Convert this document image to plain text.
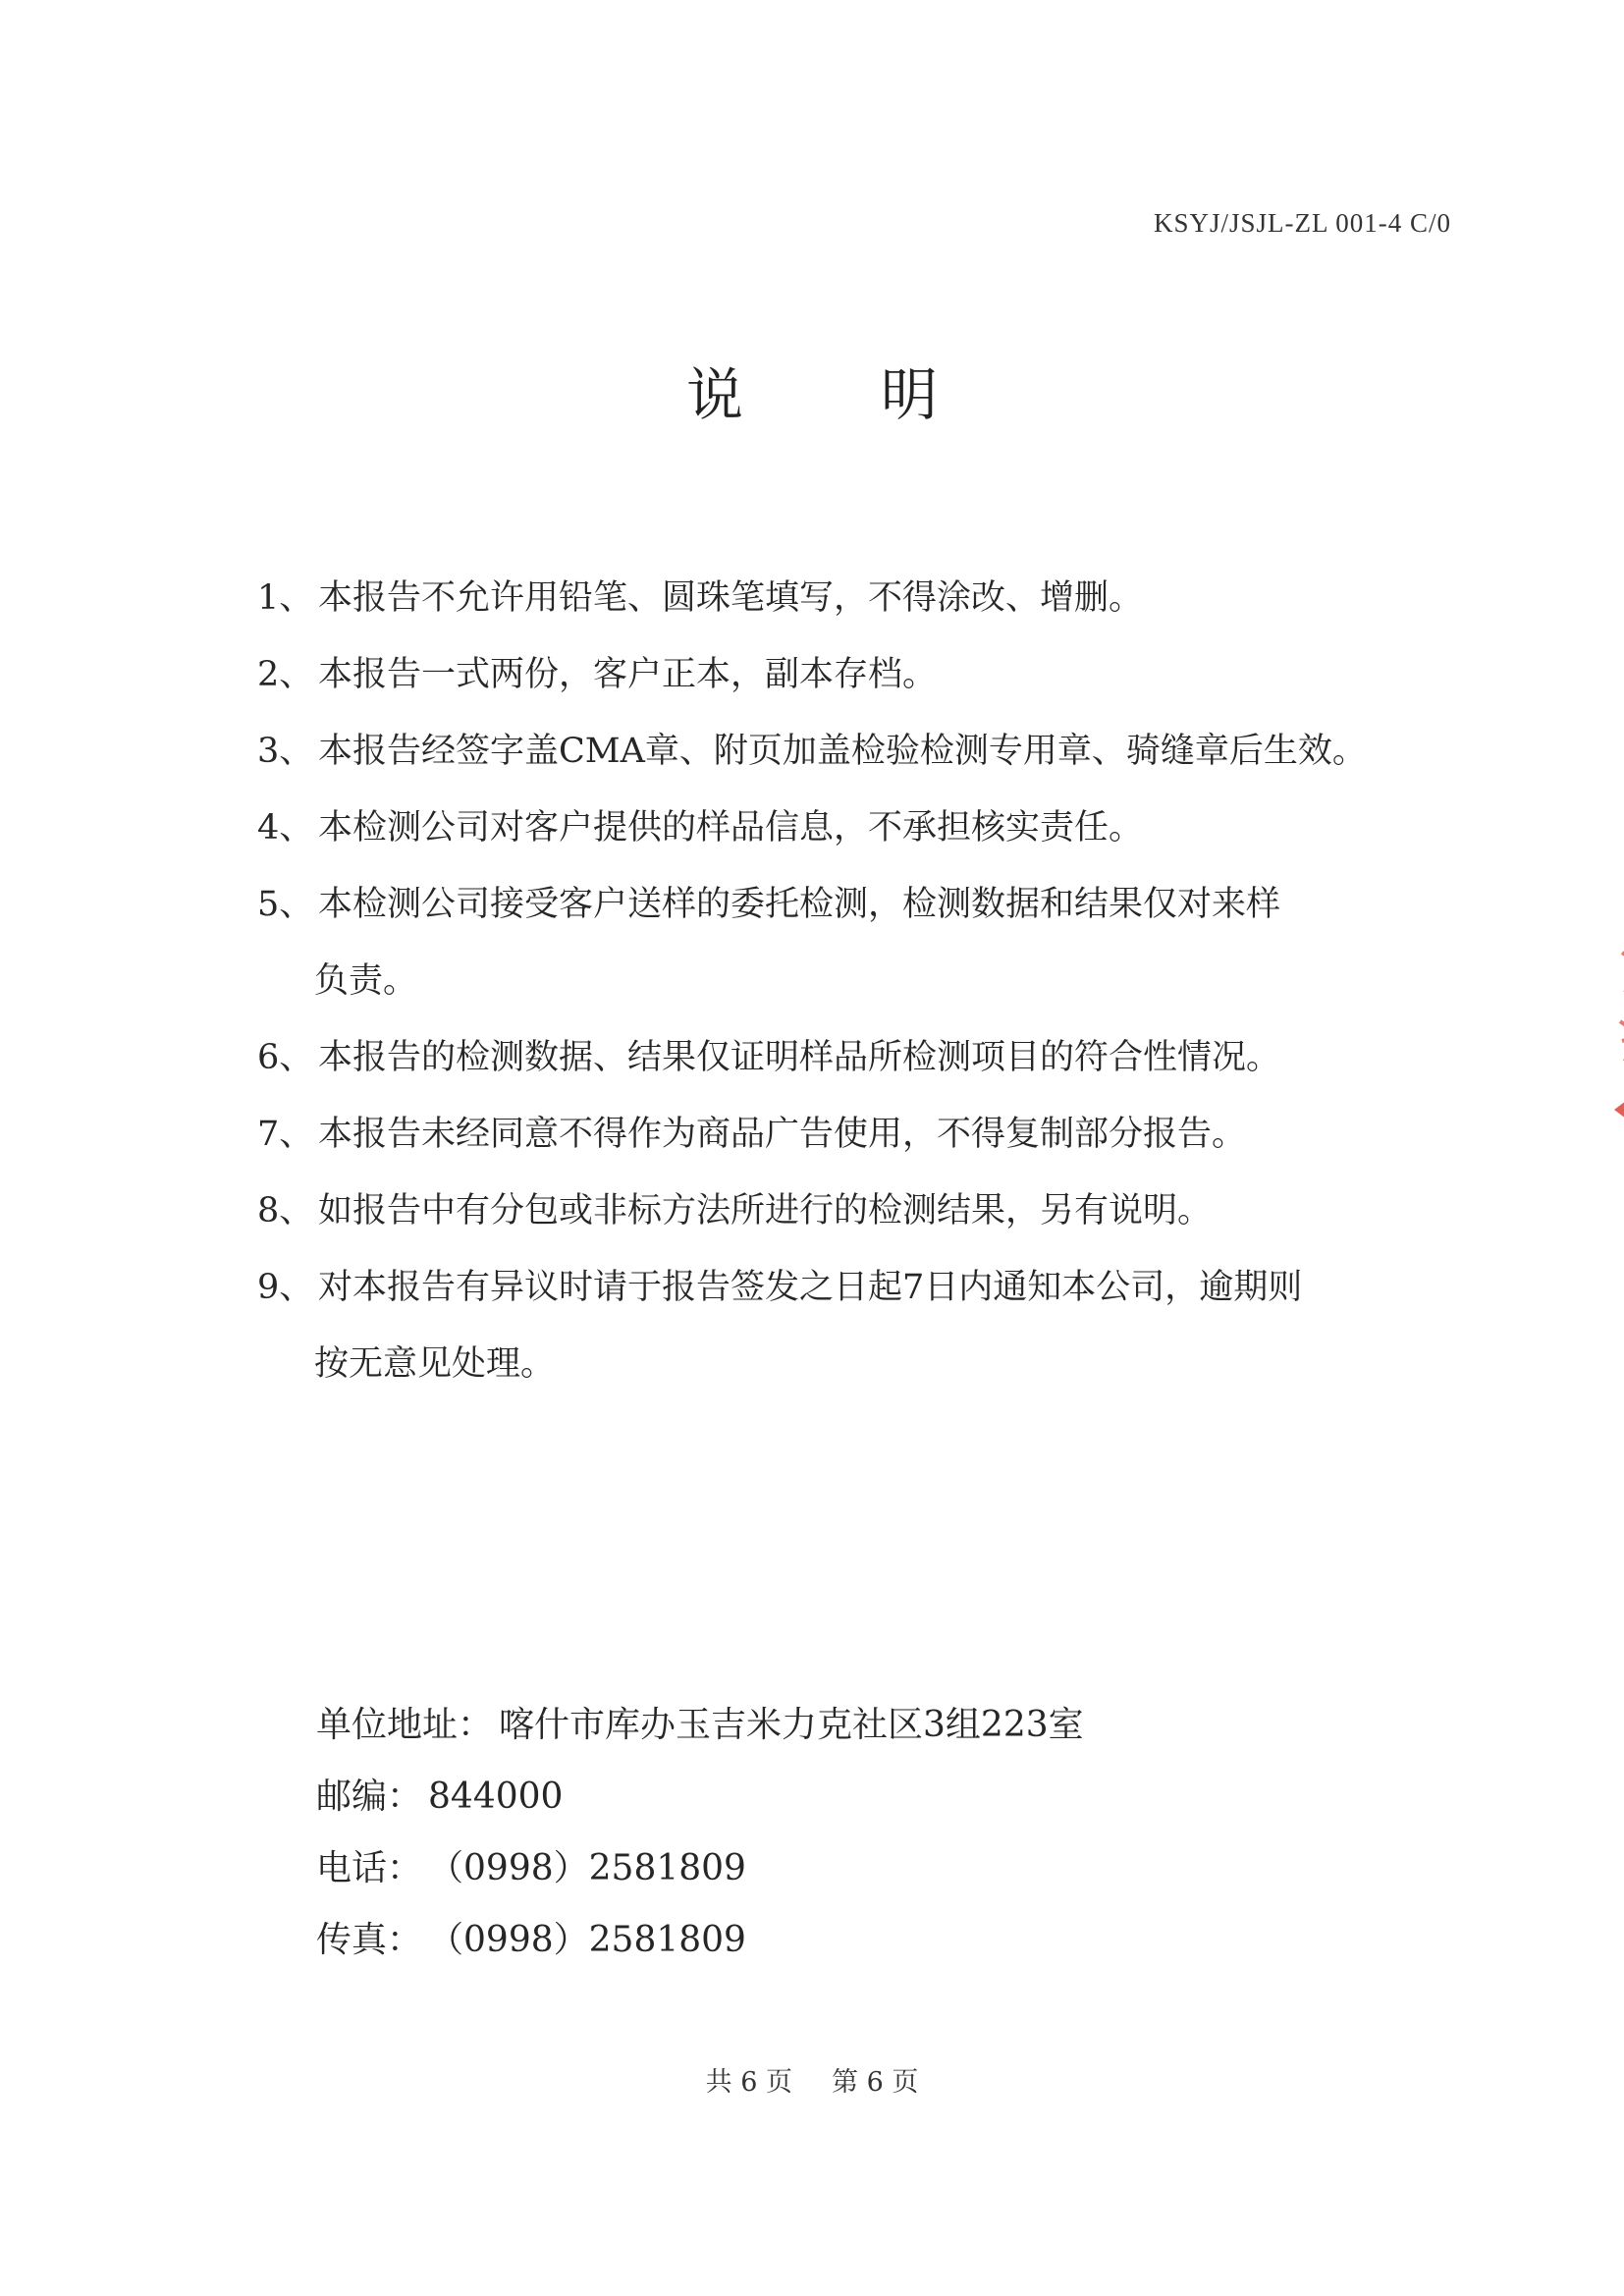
KSYJ/JSJL-ZL 001-4 C/0
说明
1、 本报告不允许用铅笔、圆珠笔填写，不得涂改、增删。
2、 本报告一式两份，客户正本，副本存档。
3、 本报告经签字盖CMA章、附页加盖检验检测专用章、骑缝章后生效。
4、 本检测公司对客户提供的样品信息，不承担核实责任。
5、 本检测公司接受客户送样的委托检测，检测数据和结果仅对来样
负责。
6、 本报告的检测数据、结果仅证明样品所检测项目的符合性情况。
7、 本报告未经同意不得作为商品广告使用，不得复制部分报告。
8、 如报告中有分包或非标方法所进行的检测结果，另有说明。
9、 对本报告有异议时请于报告签发之日起7日内通知本公司，逾期则
按无意见处理。
单位地址： 喀什市库办玉吉米力克社区3组223室
邮编： 844000
电话： （0998）2581809
传真： （0998）2581809
共 6 页 第 6 页
